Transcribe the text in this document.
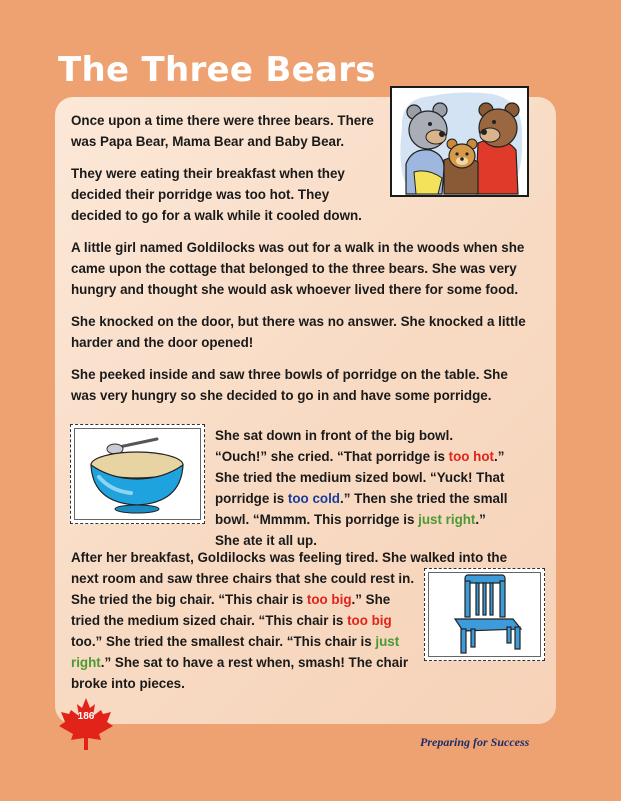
The Three Bears
Once upon a time there were three bears. There
was Papa Bear, Mama Bear and Baby Bear.
They were eating their breakfast when they
decided their porridge was too hot. They
decided to go for a walk while it cooled down.
A little girl named Goldilocks was out for a walk in the woods when she
came upon the cottage that belonged to the three bears. She was very
hungry and thought she would ask whoever lived there for some food.
She knocked on the door, but there was no answer. She knocked a little
harder and the door opened!
She peeked inside and saw three bowls of porridge on the table. She
was very hungry so she decided to go in and have some porridge.
She sat down in front of the big bowl.
“Ouch!” she cried. “That porridge is too hot.”
She tried the medium sized bowl. “Yuck! That
porridge is too cold.” Then she tried the small
bowl. “Mmmm. This porridge is just right.”
She ate it all up.
After her breakfast, Goldilocks was feeling tired. She walked into the
next room and saw three chairs that she could rest in.
She tried the big chair. “This chair is too big.” She
tried the medium sized chair. “This chair is too big
too.” She tried the smallest chair. “This chair is just
right.” She sat to have a rest when, smash! The chair
broke into pieces.
186
Preparing for Success
